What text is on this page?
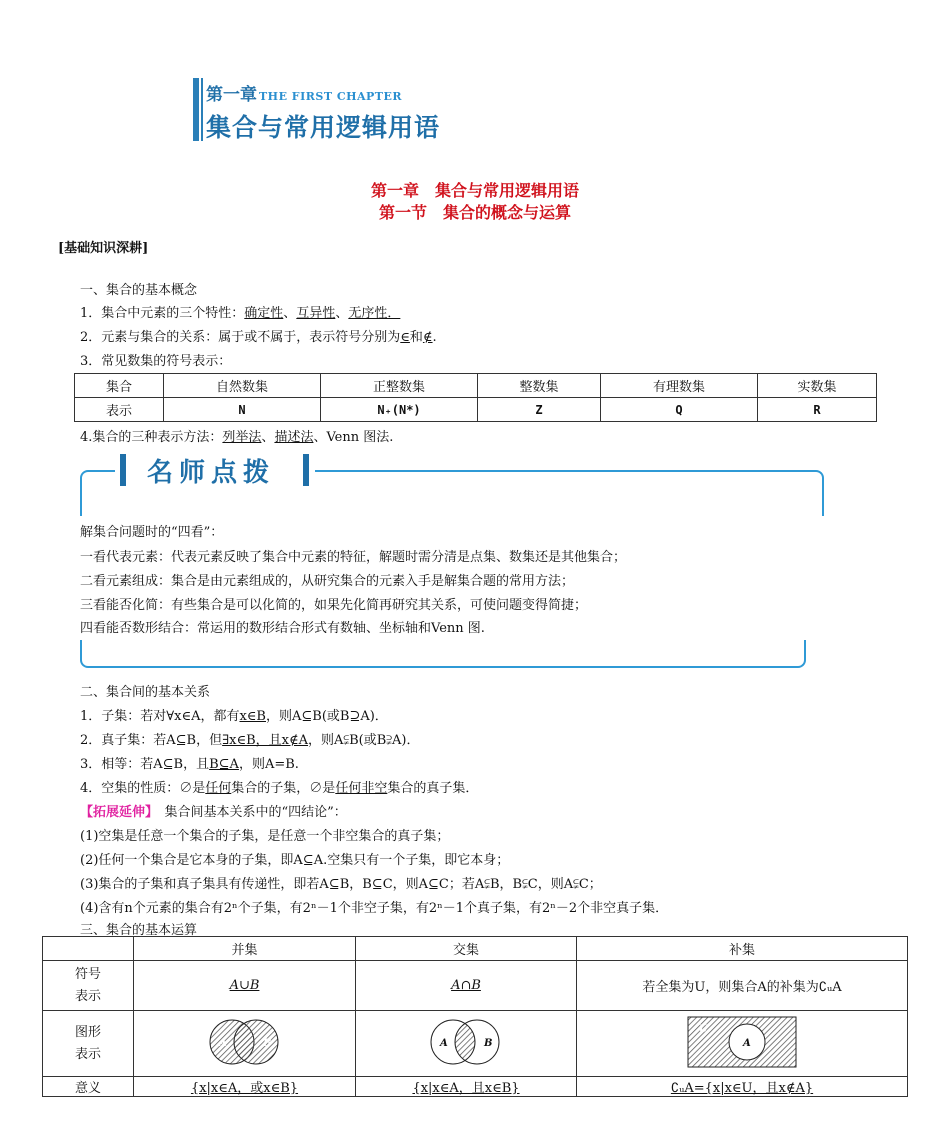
第一章 THE FIRST CHAPTER
集合与常用逻辑用语
第一章　集合与常用逻辑用语
第一节　集合的概念与运算
[基础知识深耕]
一、集合的基本概念
1．集合中元素的三个特性：确定性、互异性、无序性．
2．元素与集合的关系：属于或不属于，表示符号分别为∈和∉.
3．常见数集的符号表示：
集合	自然数集	正整数集	整数集	有理数集	实数集
表示	N	N₊(N*)	Z	Q	R
4.集合的三种表示方法：列举法、描述法、Venn 图法.
名师点拨
解集合问题时的“四看”：
一看代表元素：代表元素反映了集合中元素的特征，解题时需分清是点集、数集还是其他集合；
二看元素组成：集合是由元素组成的，从研究集合的元素入手是解集合题的常用方法；
三看能否化简：有些集合是可以化简的，如果先化简再研究其关系，可使问题变得简捷；
四看能否数形结合：常运用的数形结合形式有数轴、坐标轴和Venn 图.
二、集合间的基本关系
1．子集：若对∀x∈A，都有x∈B，则A⊆B(或B⊇A)．
2．真子集：若A⊆B，但∃x∈B，且x∉A，则A⫋B(或B⫌A)．
3．相等：若A⊆B，且B⊆A，则A=B.
4．空集的性质：∅是任何集合的子集，∅是任何非空集合的真子集．
【拓展延伸】　集合间基本关系中的“四结论”：
(1)空集是任意一个集合的子集，是任意一个非空集合的真子集；
(2)任何一个集合是它本身的子集，即A⊆A.空集只有一个子集，即它本身；
(3)集合的子集和真子集具有传递性，即若A⊆B，B⊆C，则A⊆C；若A⫋B，B⫋C，则A⫋C；
(4)含有n个元素的集合有2ⁿ个子集，有2ⁿ－1个非空子集，有2ⁿ－1个真子集，有2ⁿ－2个非空真子集．
三、集合的基本运算
	并集	交集	补集
符号
表示	A∪B	A∩B	若全集为U，则集合A的补集为∁ᵤA
图形
表示	A B	A B	U
A

意义	{x|x∈A，或x∈B}	{x|x∈A，且x∈B}	∁ᵤA={x|x∈U，且x∉A}
